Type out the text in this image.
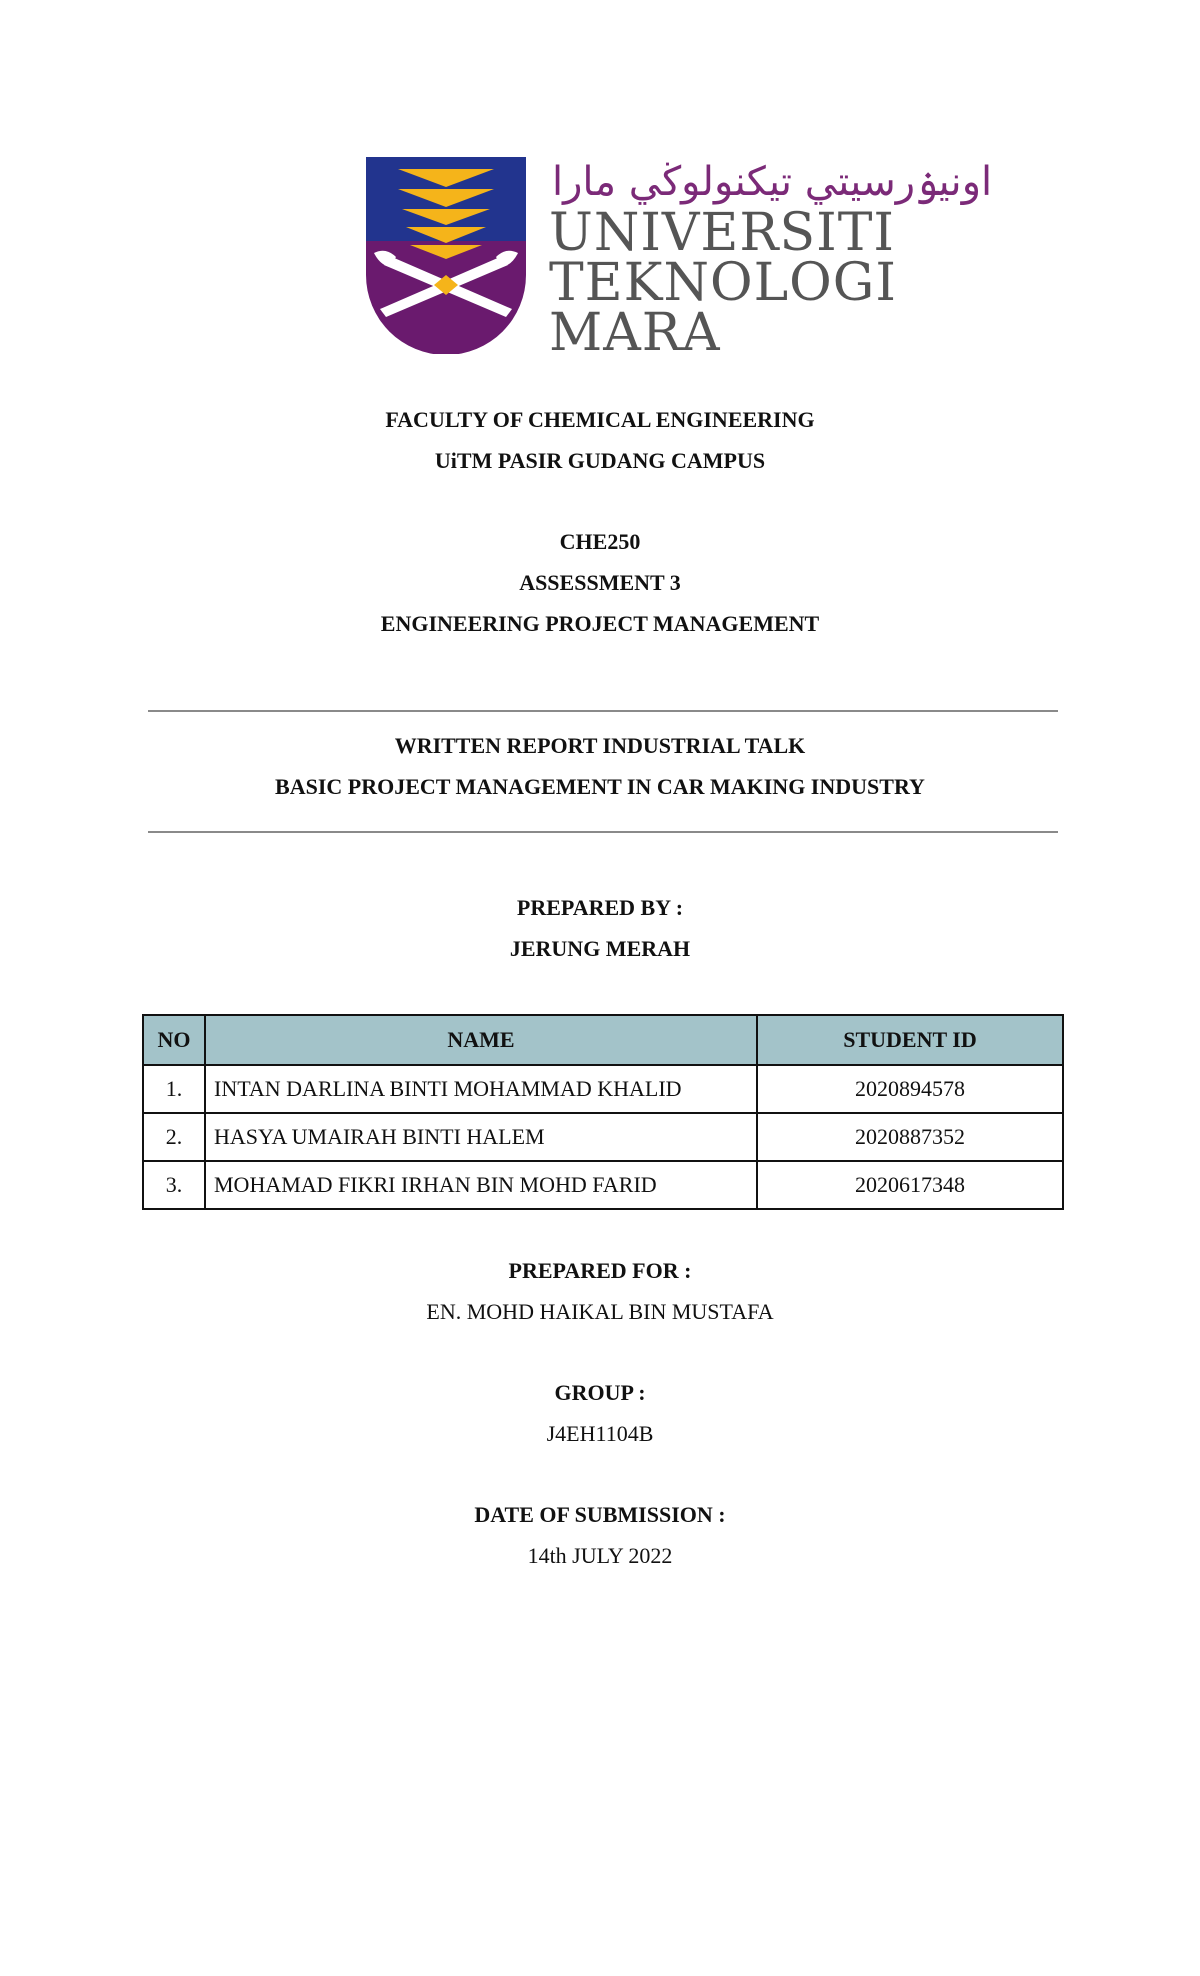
اونيۏرسيتي تيكنولوڬي مارا
UNIVERSITI
TEKNOLOGI
MARA
FACULTY OF CHEMICAL ENGINEERING
UiTM PASIR GUDANG CAMPUS
CHE250
ASSESSMENT 3
ENGINEERING PROJECT MANAGEMENT
WRITTEN REPORT INDUSTRIAL TALK
BASIC PROJECT MANAGEMENT IN CAR MAKING INDUSTRY
PREPARED BY :
JERUNG MERAH
NO	NAME	STUDENT ID
1.	INTAN DARLINA BINTI MOHAMMAD KHALID	2020894578
2.	HASYA UMAIRAH BINTI HALEM	2020887352
3.	MOHAMAD FIKRI IRHAN BIN MOHD FARID	2020617348
PREPARED FOR :
EN. MOHD HAIKAL BIN MUSTAFA
GROUP :
J4EH1104B
DATE OF SUBMISSION :
14th JULY 2022
